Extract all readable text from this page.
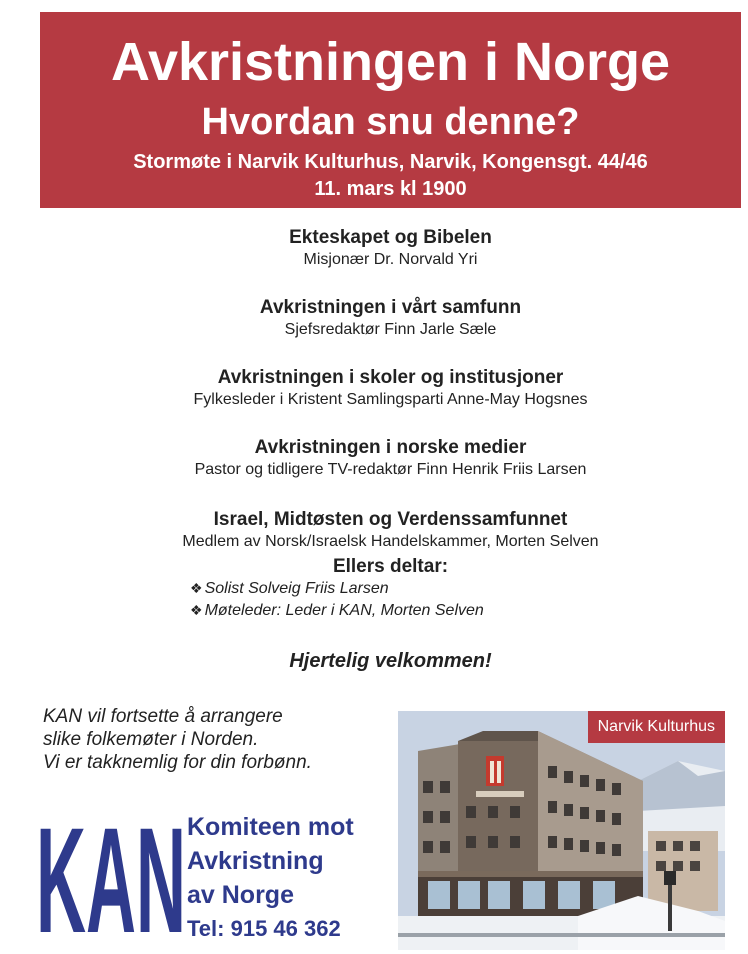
Avkristningen i Norge
Hvordan snu denne?
Stormøte i Narvik Kulturhus, Narvik, Kongensgt. 44/46
11. mars kl 1900
Ekteskapet og Bibelen
Misjonær Dr. Norvald Yri
Avkristningen i vårt samfunn
Sjefsredaktør Finn Jarle Sæle
Avkristningen i skoler og institusjoner
Fylkesleder i Kristent Samlingsparti Anne-May Hogsnes
Avkristningen i norske medier
Pastor og tidligere TV-redaktør Finn Henrik Friis Larsen
Israel, Midtøsten og Verdenssamfunnet
Medlem av Norsk/Israelsk Handelskammer, Morten Selven
Ellers deltar:
❖ Solist Solveig Friis Larsen
❖ Møteleder: Leder i KAN, Morten Selven
Hjertelig velkommen!
KAN vil fortsette å arrangere
slike folkemøter i Norden.
Vi er takknemlig for din forbønn.
Narvik Kulturhus
KAN Komiteen mot
Avkristning
av Norge
Tel: 915 46 362
